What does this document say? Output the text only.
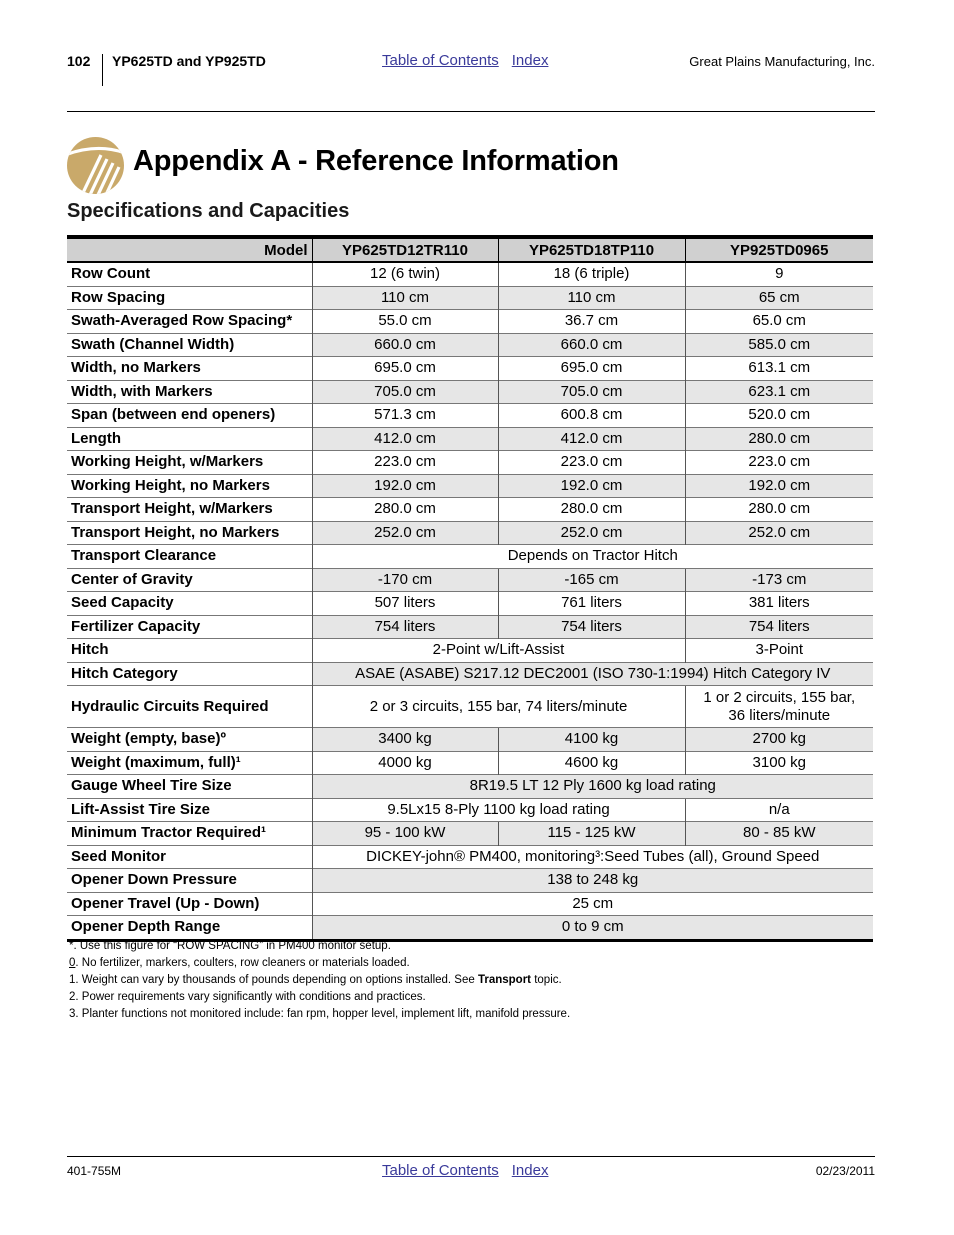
102 YP625TD and YP925TD	Table of Contents Index	Great Plains Manufacturing, Inc.
Appendix A - Reference Information
Specifications and Capacities
Model	YP625TD12TR110	YP625TD18TP110	YP925TD0965
Row Count	12 (6 twin)	18 (6 triple)	9
Row Spacing	110 cm	110 cm	65 cm
Swath-Averaged Row Spacing*	55.0 cm	36.7 cm	65.0 cm
Swath (Channel Width)	660.0 cm	660.0 cm	585.0 cm
Width, no Markers	695.0 cm	695.0 cm	613.1 cm
Width, with Markers	705.0 cm	705.0 cm	623.1 cm
Span (between end openers)	571.3 cm	600.8 cm	520.0 cm
Length	412.0 cm	412.0 cm	280.0 cm
Working Height, w/Markers	223.0 cm	223.0 cm	223.0 cm
Working Height, no Markers	192.0 cm	192.0 cm	192.0 cm
Transport Height, w/Markers	280.0 cm	280.0 cm	280.0 cm
Transport Height, no Markers	252.0 cm	252.0 cm	252.0 cm
Transport Clearance	Depends on Tractor Hitch		
Center of Gravity	-170 cm	-165 cm	-173 cm
Seed Capacity	507 liters	761 liters	381 liters
Fertilizer Capacity	754 liters	754 liters	754 liters
Hitch	2-Point w/Lift-Assist		3-Point
Hitch Category	ASAE (ASABE) S217.12 DEC2001 (ISO 730-1:1994) Hitch Category IV		
Hydraulic Circuits Required	2 or 3 circuits, 155 bar, 74 liters/minute		1 or 2 circuits, 155 bar,
36 liters/minute

Weight (empty, base)º	3400 kg	4100 kg	2700 kg
Weight (maximum, full)¹	4000 kg	4600 kg	3100 kg
Gauge Wheel Tire Size	8R19.5 LT 12 Ply 1600 kg load rating		
Lift-Assist Tire Size	9.5Lx15 8-Ply 1100 kg load rating		n/a
Minimum Tractor Required¹	95 - 100 kW	115 - 125 kW	80 - 85 kW
Seed Monitor	DICKEY-john® PM400, monitoring³:Seed Tubes (all), Ground Speed		
Opener Down Pressure	138 to 248 kg		
Opener Travel (Up - Down)	25 cm		
Opener Depth Range	0 to 9 cm		
*. Use this figure for “ROW SPACING” in PM400 monitor setup.
0. No fertilizer, markers, coulters, row cleaners or materials loaded.
1. Weight can vary by thousands of pounds depending on options installed. See Transport topic.
2. Power requirements vary significantly with conditions and practices.
3. Planter functions not monitored include: fan rpm, hopper level, implement lift, manifold pressure.
401-755M	Table of Contents Index	02/23/2011
